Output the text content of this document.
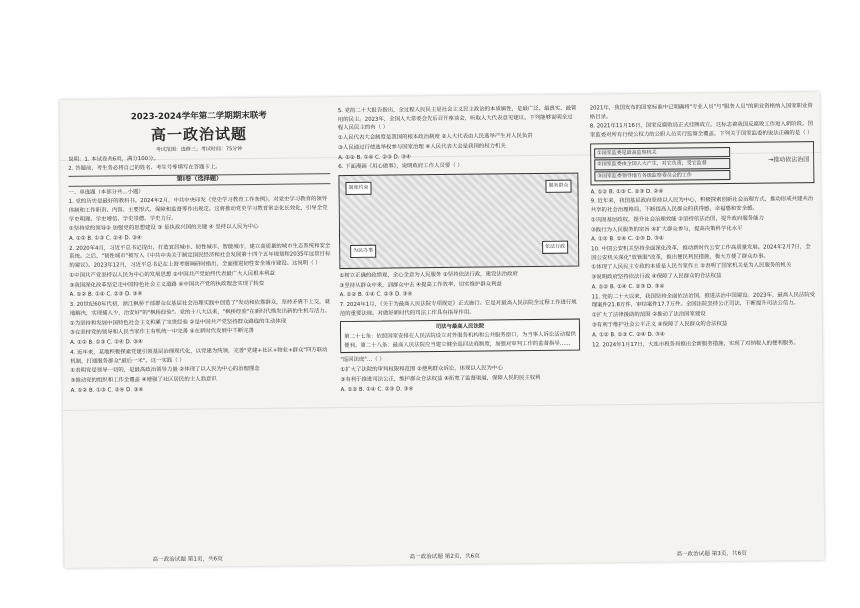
2023-2024学年第二学期期末联考
高一政治试题
考试范围：选修三；考试时间：75分钟

说明：1. 本试卷共6页，满分100分。

2. 答题前，考生务必将自己的姓名、考生号等填写在答题卡上。

第Ⅰ卷（选择题）

一、单选题（本部分共...小题）

1. 党的历史是最好的教科书。2024年2月，中共中央印发《党史学习教育工作条例》。对党史学习教育的领导体制和工作职责、内容、主要形式、保障和监督等作出规定。这将推动党史学习教育常态化长效化，引导全党学史明理、学史增信、学史崇德、学史力行。

①坚持党的领导② 加强党的思想建设 ③ 是执政兴国的关键 ④ 坚持以人民为中心

A. ①② B. ①③ C. ②④ D. ③④

2. 2020年4月，习近平总书记提出，打造宜居城市、韧性城市、智能城市，建立高质量的城市生态系统和安全系统。之后，"韧性城市"被写入《中共中央关于制定国民经济和社会发展第十四个五年规划和2035年远景目标的建议》。2023年12月，习近平总书记在上海考察调研时指出，全面推进韧性安全城市建设。这说明（ ）

①中国共产党坚持以人民为中心的发展思想 ②中国共产党始终代表最广大人民根本利益

③我国深化改革坚定走中国特色社会主义道路 ④中国共产党的执政理念实现了转变

A. ①② B. ①④ C. ②③ D. ③④

3. 20世纪60年代初，浙江枫桥干部群众在基层社会治理实践中创造了"发动和依靠群众，坚持矛盾不上交，就地解决，实现捕人少，治安好"的"枫桥经验"。党的十八大以来，"枫桥经验"在新时代焕发出新的生机与活力。

①为坚持和发展中国特色社会主义积累了宝贵经验 ②是中国共产党坚持群众路线的生动体现

③在坚持党的领导和人民当家作主有机统一中完善 ④在新时代发展中不断完善

A. ①② B. ①③ C. ②④ D. ③④

4. 近年来，某地积极探索党建引领基层治理现代化，以党建为统领，完善"党建+社区+物业+群众"四方联动机制，打通服务群众"最后一米"。这一实践（ ）

①表明党是领导一切的，是最高政治领导力量 ②体现了以人民为中心的治理理念

③推动党的组织和工作全覆盖 ④增强了社区居民的主人翁意识

A. ①② B. ①③ C. ②④ D. ③④

5. 党的二十大报告指出，全过程人民民主是社会主义民主政治的本质属性，是最广泛、最真实、最管用的民主。2023年，全国人大常委会先后召开座谈会，听取人大代表意见建议。下列能够说明全过程人民民主的有（ ）

①人民代表大会制度是我国的根本政治制度 ②人大代表由人民选举产生对人民负责

③人民通过行使选举权参与国家治理 ④人民代表大会是我国的权力机关

A. ①② B. ①④ C. ②③ D. ③④

6. 下面漫画《用心做事》，说明政府工作人员要（ ）

制度约束	服务群众
为民办事
依法行政

①树立正确的政绩观，全心全意为人民服务 ②坚持依法行政，建设法治政府

③坚持从群众中来，到群众中去 ④提高工作效率，切实维护群众利益

A. ①② B. ①④ C. ②③ D. ③④

7. 2024年1月，《关于为最高人民法院专项规定》正式施行。它是对最高人民法院全过程工作进行规范的重要法规。对做好新时代的司法工作具有指导作用。

司法与最高人民法院
第二十七条：依照国家安排在人民法院设立对外服务机构和公共服务窗口，为当事人诉讼活动提供便利。第二十八条：最高人民法院应当建立健全巡回法庭制度，加强对审判工作的监督指导……

"巡回法庭"…（ ）

①扩大了法院的审判权限和范围 ②便利群众诉讼，体现以人民为中心

③有利于推进司法公正，维护群众合法权益 ④拓宽了监督渠道，保障人民的民主权利

A. ①② B. ①④ C. ②③ D. ③④

2021年，我国发布的国家标准中已明确将"专业人员"与"服务人员"的职业资格纳入国家职业资格目录。

8. 2021年11月16日，国家反腐败局正式挂牌成立。这标志着我国反腐败工作进入新阶段。国家监委对所有行使公权力的公职人员实行监察全覆盖。下列关于国家监委的说法正确的是（ ）

①国家监委是最高监察机关
②国家监委由全国人大产生，对它负责，受它监督
③国家监委领导地方各级监察委员会的工作
→推动依法治国

A. ①② B. ①③ C. ②③ D. ②④

9. 近年来，我国基层政府坚持以人民为中心，积极探索创新社会治理方式，推动形成共建共治共享的社会治理格局，不断提高人民群众的获得感、幸福感和安全感。

①巩固基层政权，提升社会治理效能 ②坚持依法治国，提升政府服务能力

③践行为人民服务的宗旨 ④扩大群众参与，提高决策科学化水平

A. ①② B. ①④ C. ②③ D. ③④

10. 中国公安机关坚持全面深化改革，推动新时代公安工作高质量发展。2024年2月7日，全国公安机关深化"放管服"改革，推出便民利民措施，极大方便了群众办事。

①体现了人民民主专政的本质是人民当家作主 ②表明了国家机关是为人民服务的机关

③说明政府坚持依法行政 ④保障了人民群众的合法权益

A. ①② B. ①④ C. ②③ D. ③④

11. 党的二十大以来，我国坚持全面依法治国，推进法治中国建设。2023年，最高人民法院受理案件21.8万件，审结案件17.7万件。全国法院坚持公正司法，不断提升司法公信力。

①扩大了法律援助的范围 ②推动了法治国家建设

③有利于维护社会公平正义 ④保障了人民群众的合法权益

A. ①② B. ①③ C. ②④ D. ③④

12. 2024年1月17日，大连市税务局推出全新服务措施，实现了对纳税人的便利服务。

高一政治试题 第1页，共6页	高一政治试题 第2页，共6页	高一政治试题 第3页，共6页
